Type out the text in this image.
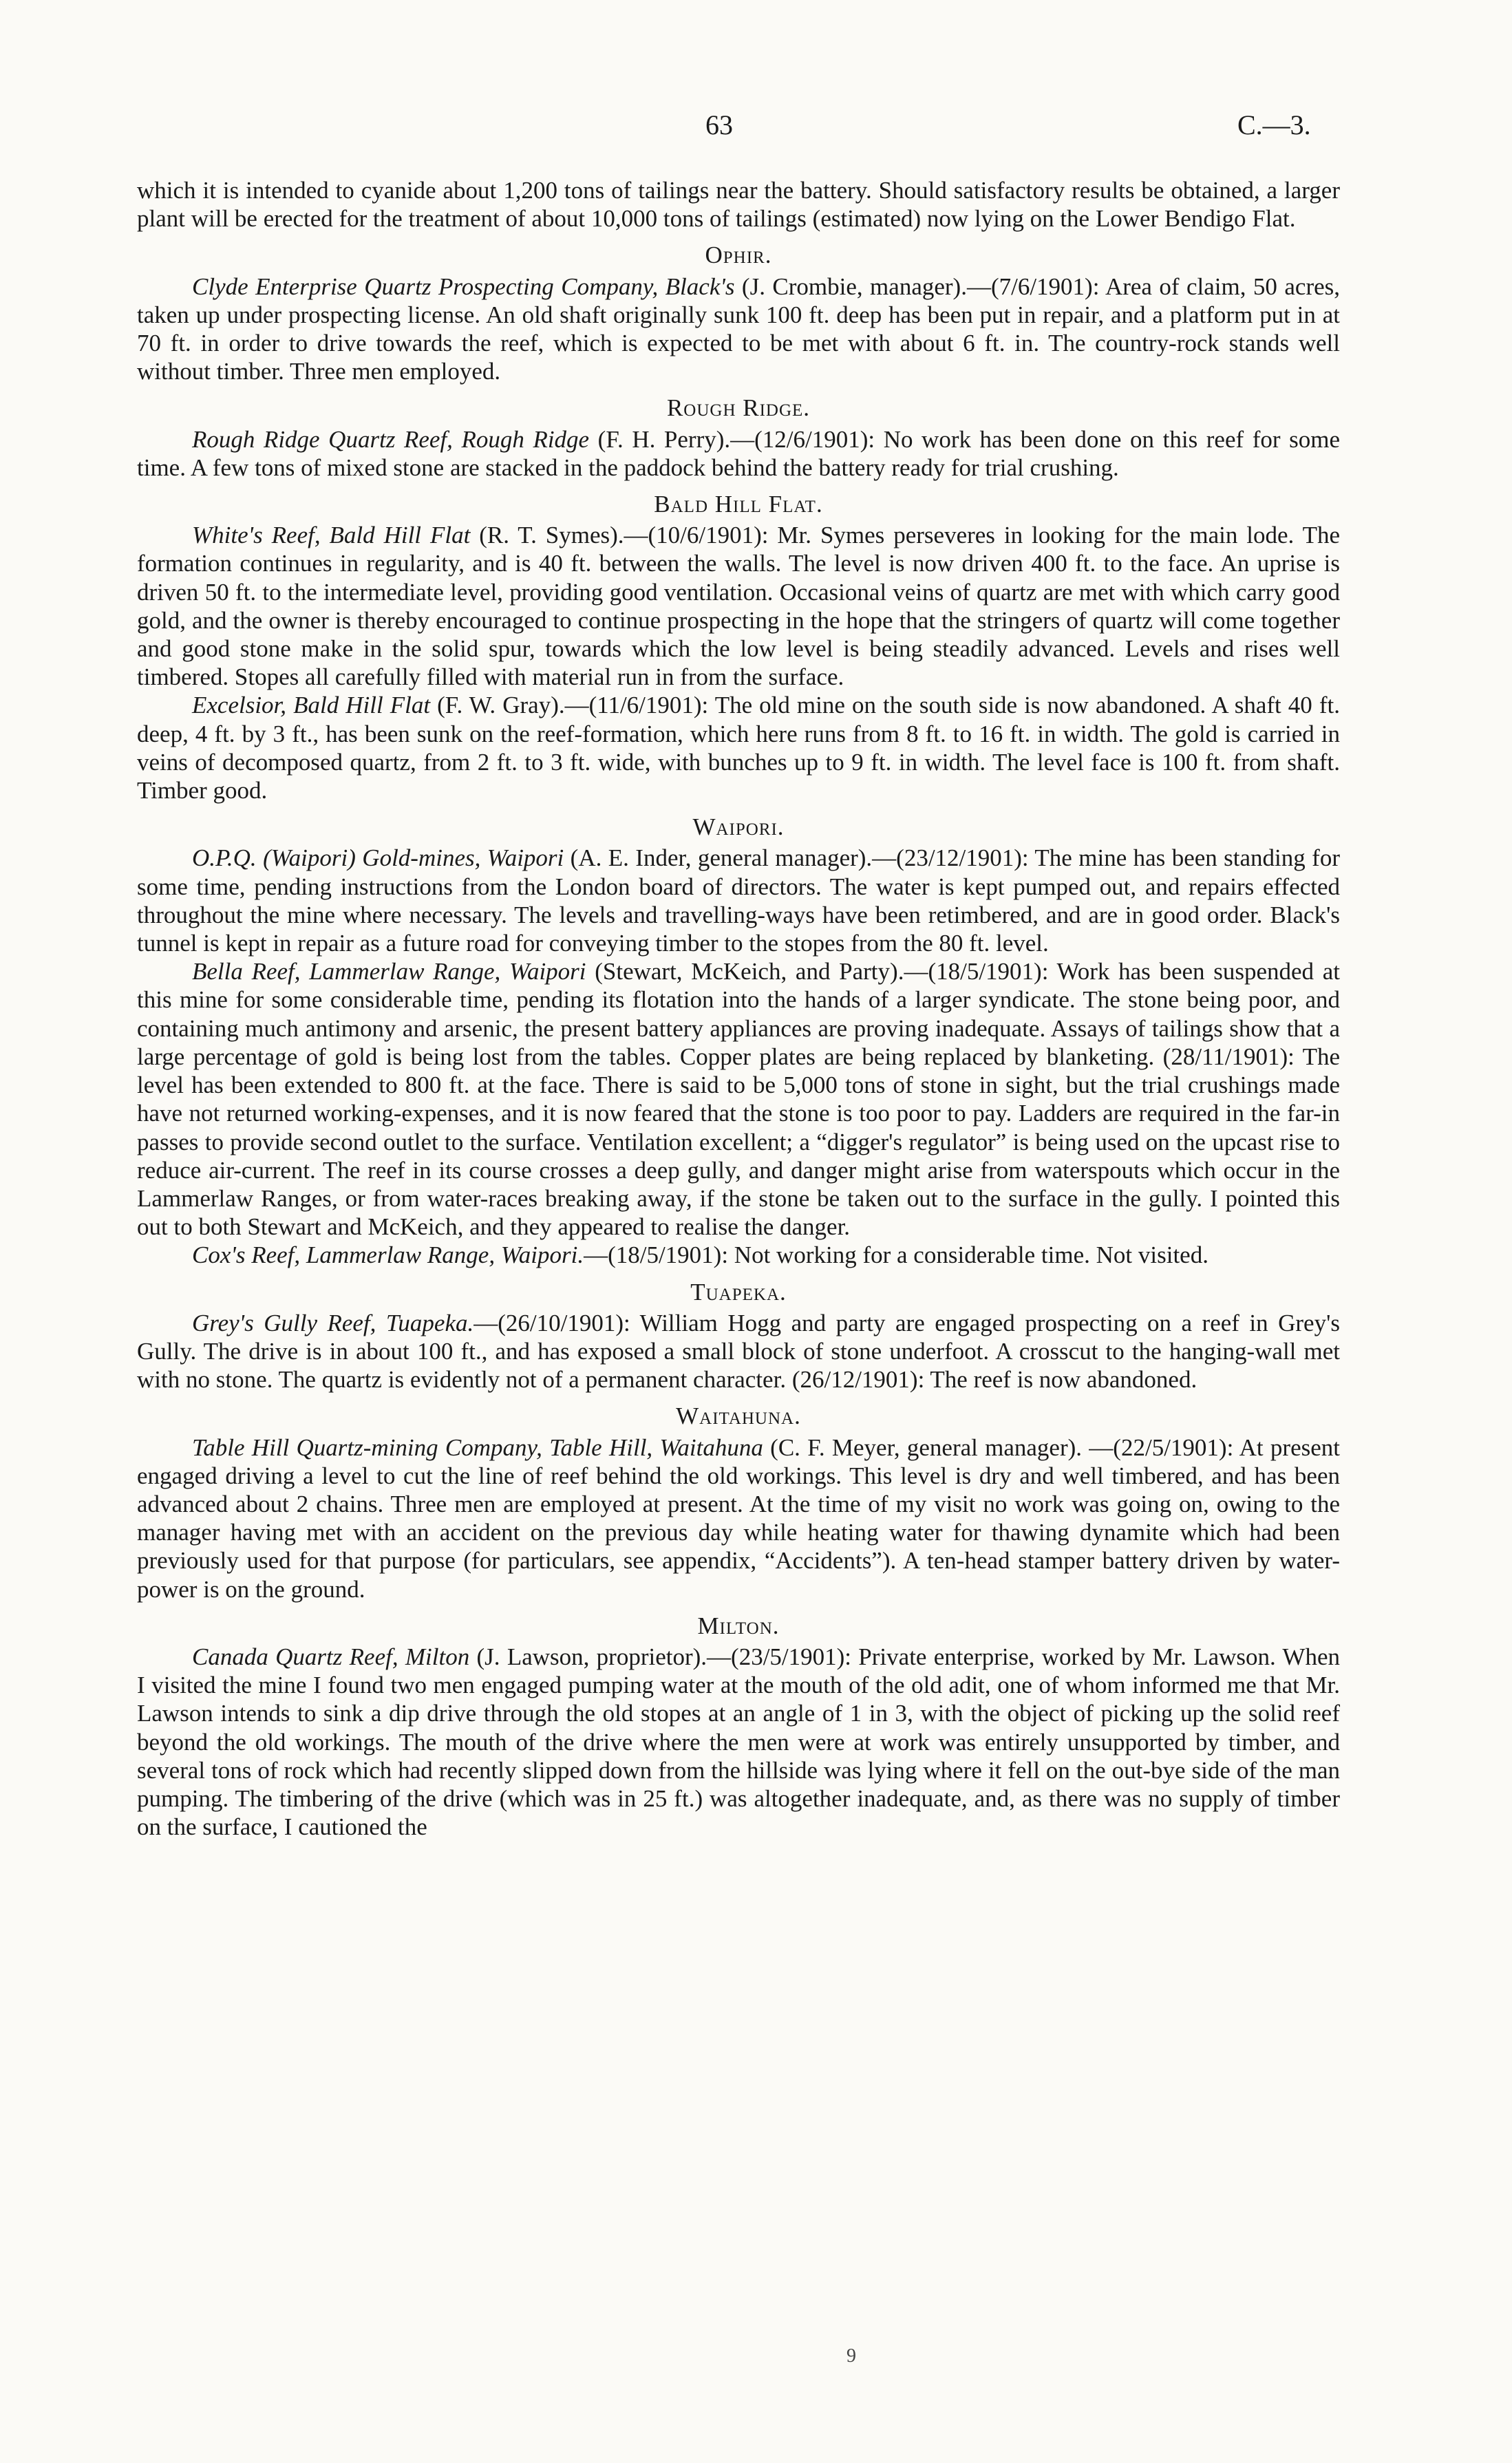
63	C.—3.

which it is intended to cyanide about 1,200 tons of tailings near the battery. Should satisfactory results be obtained, a larger plant will be erected for the treatment of about 10,000 tons of tailings (estimated) now lying on the Lower Bendigo Flat.

Ophir.

Clyde Enterprise Quartz Prospecting Company, Black's (J. Crombie, manager).—(7/6/1901): Area of claim, 50 acres, taken up under prospecting license. An old shaft originally sunk 100 ft. deep has been put in repair, and a platform put in at 70 ft. in order to drive towards the reef, which is expected to be met with about 6 ft. in. The country-rock stands well without timber. Three men employed.

Rough Ridge.

Rough Ridge Quartz Reef, Rough Ridge (F. H. Perry).—(12/6/1901): No work has been done on this reef for some time. A few tons of mixed stone are stacked in the paddock behind the battery ready for trial crushing.

Bald Hill Flat.

White's Reef, Bald Hill Flat (R. T. Symes).—(10/6/1901): Mr. Symes perseveres in looking for the main lode. The formation continues in regularity, and is 40 ft. between the walls. The level is now driven 400 ft. to the face. An uprise is driven 50 ft. to the intermediate level, providing good ventilation. Occasional veins of quartz are met with which carry good gold, and the owner is thereby encouraged to continue prospecting in the hope that the stringers of quartz will come together and good stone make in the solid spur, towards which the low level is being steadily advanced. Levels and rises well timbered. Stopes all carefully filled with material run in from the surface.

Excelsior, Bald Hill Flat (F. W. Gray).—(11/6/1901): The old mine on the south side is now abandoned. A shaft 40 ft. deep, 4 ft. by 3 ft., has been sunk on the reef-formation, which here runs from 8 ft. to 16 ft. in width. The gold is carried in veins of decomposed quartz, from 2 ft. to 3 ft. wide, with bunches up to 9 ft. in width. The level face is 100 ft. from shaft. Timber good.

Waipori.

O.P.Q. (Waipori) Gold-mines, Waipori (A. E. Inder, general manager).—(23/12/1901): The mine has been standing for some time, pending instructions from the London board of directors. The water is kept pumped out, and repairs effected throughout the mine where necessary. The levels and travelling-ways have been retimbered, and are in good order. Black's tunnel is kept in repair as a future road for conveying timber to the stopes from the 80 ft. level.

Bella Reef, Lammerlaw Range, Waipori (Stewart, McKeich, and Party).—(18/5/1901): Work has been suspended at this mine for some considerable time, pending its flotation into the hands of a larger syndicate. The stone being poor, and containing much antimony and arsenic, the present battery appliances are proving inadequate. Assays of tailings show that a large percentage of gold is being lost from the tables. Copper plates are being replaced by blanketing. (28/11/1901): The level has been extended to 800 ft. at the face. There is said to be 5,000 tons of stone in sight, but the trial crushings made have not returned working-expenses, and it is now feared that the stone is too poor to pay. Ladders are required in the far-in passes to provide second outlet to the surface. Ventilation excellent; a “digger's regulator” is being used on the upcast rise to reduce air-current. The reef in its course crosses a deep gully, and danger might arise from waterspouts which occur in the Lammerlaw Ranges, or from water-races breaking away, if the stone be taken out to the surface in the gully. I pointed this out to both Stewart and McKeich, and they appeared to realise the danger.

Cox's Reef, Lammerlaw Range, Waipori.—(18/5/1901): Not working for a considerable time. Not visited.

Tuapeka.

Grey's Gully Reef, Tuapeka.—(26/10/1901): William Hogg and party are engaged prospecting on a reef in Grey's Gully. The drive is in about 100 ft., and has exposed a small block of stone underfoot. A crosscut to the hanging-wall met with no stone. The quartz is evidently not of a permanent character. (26/12/1901): The reef is now abandoned.

Waitahuna.

Table Hill Quartz-mining Company, Table Hill, Waitahuna (C. F. Meyer, general manager). —(22/5/1901): At present engaged driving a level to cut the line of reef behind the old workings. This level is dry and well timbered, and has been advanced about 2 chains. Three men are employed at present. At the time of my visit no work was going on, owing to the manager having met with an accident on the previous day while heating water for thawing dynamite which had been previously used for that purpose (for particulars, see appendix, “Accidents”). A ten-head stamper battery driven by water-power is on the ground.

Milton.

Canada Quartz Reef, Milton (J. Lawson, proprietor).—(23/5/1901): Private enterprise, worked by Mr. Lawson. When I visited the mine I found two men engaged pumping water at the mouth of the old adit, one of whom informed me that Mr. Lawson intends to sink a dip drive through the old stopes at an angle of 1 in 3, with the object of picking up the solid reef beyond the old workings. The mouth of the drive where the men were at work was entirely unsupported by timber, and several tons of rock which had recently slipped down from the hillside was lying where it fell on the out-bye side of the man pumping. The timbering of the drive (which was in 25 ft.) was altogether inadequate, and, as there was no supply of timber on the surface, I cautioned the

9
